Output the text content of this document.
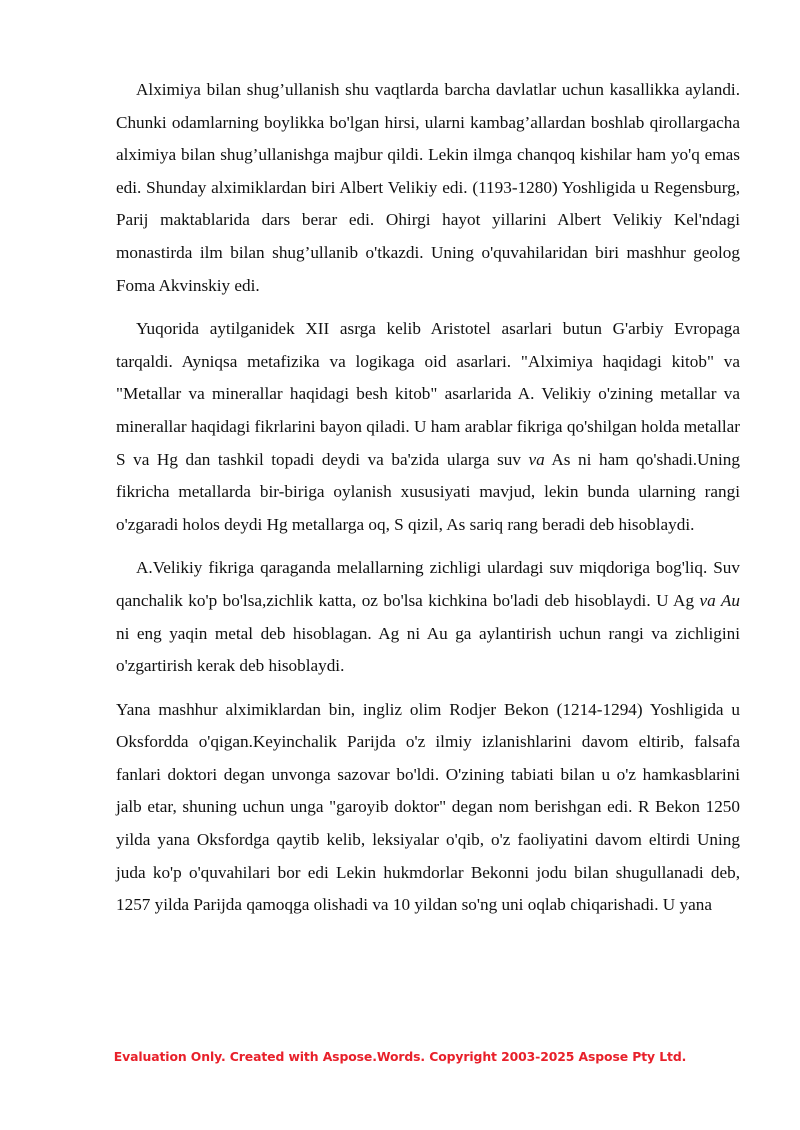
Alximiya bilan shug’ullanish shu vaqtlarda barcha davlatlar uchun kasallikka aylandi. Chunki odamlarning boylikka bo'lgan hirsi, ularni kambag’allardan boshlab qirollargacha alximiya bilan shug’ullanishga majbur qildi. Lekin ilmga chanqoq kishilar ham yo'q emas edi. Shunday alximiklardan biri Albert Velikiy edi. (1193-1280) Yoshligida u Regensburg, Parij maktablarida dars berar edi. Ohirgi hayot yillarini Albert Velikiy Kel'ndagi monastirda ilm bilan shug’ullanib o'tkazdi. Uning o'quvahilaridan biri mashhur geolog Foma Akvinskiy edi.

Yuqorida aytilganidek XII asrga kelib Aristotel asarlari butun G'arbiy Evropaga tarqaldi. Ayniqsa metafizika va logikaga oid asarlari. "Alximiya haqidagi kitob" va "Metallar va minerallar haqidagi besh kitob" asarlarida A. Velikiy o'zining metallar va minerallar haqidagi fikrlarini bayon qiladi. U ham arablar fikriga qo'shilgan holda metallar S va Hg dan tashkil topadi deydi va ba'zida ularga suv va As ni ham qo'shadi.Uning fikricha metallarda bir-biriga oylanish xususiyati mavjud, lekin bunda ularning rangi o'zgaradi holos deydi Hg metallarga oq, S qizil, As sariq rang beradi deb hisoblaydi.

A.Velikiy fikriga qaraganda melallarning zichligi ulardagi suv miqdoriga bog'liq. Suv qanchalik ko'p bo'lsa,zichlik katta, oz bo'lsa kichkina bo'ladi deb hisoblaydi. U Ag va Au ni eng yaqin metal deb hisoblagan. Ag ni Au ga aylantirish uchun rangi va zichligini o'zgartirish kerak deb hisoblaydi.

Yana mashhur alximiklardan bin, ingliz olim Rodjer Bekon (1214-1294) Yoshligida u Oksfordda o'qigan.Keyinchalik Parijda o'z ilmiy izlanishlarini davom eltirib, falsafa fanlari doktori degan unvonga sazovar bo'ldi. O'zining tabiati bilan u o'z hamkasblarini jalb etar, shuning uchun unga "garoyib doktor" degan nom berishgan edi. R Bekon 1250 yilda yana Oksfordga qaytib kelib, leksiyalar o'qib, o'z faoliyatini davom eltirdi Uning juda ko'p o'quvahilari bor edi Lekin hukmdorlar Bekonni jodu bilan shugullanadi deb, 1257 yilda Parijda qamoqga olishadi va 10 yildan so'ng uni oqlab chiqarishadi. U yana

Evaluation Only. Created with Aspose.Words. Copyright 2003-2025 Aspose Pty Ltd.
